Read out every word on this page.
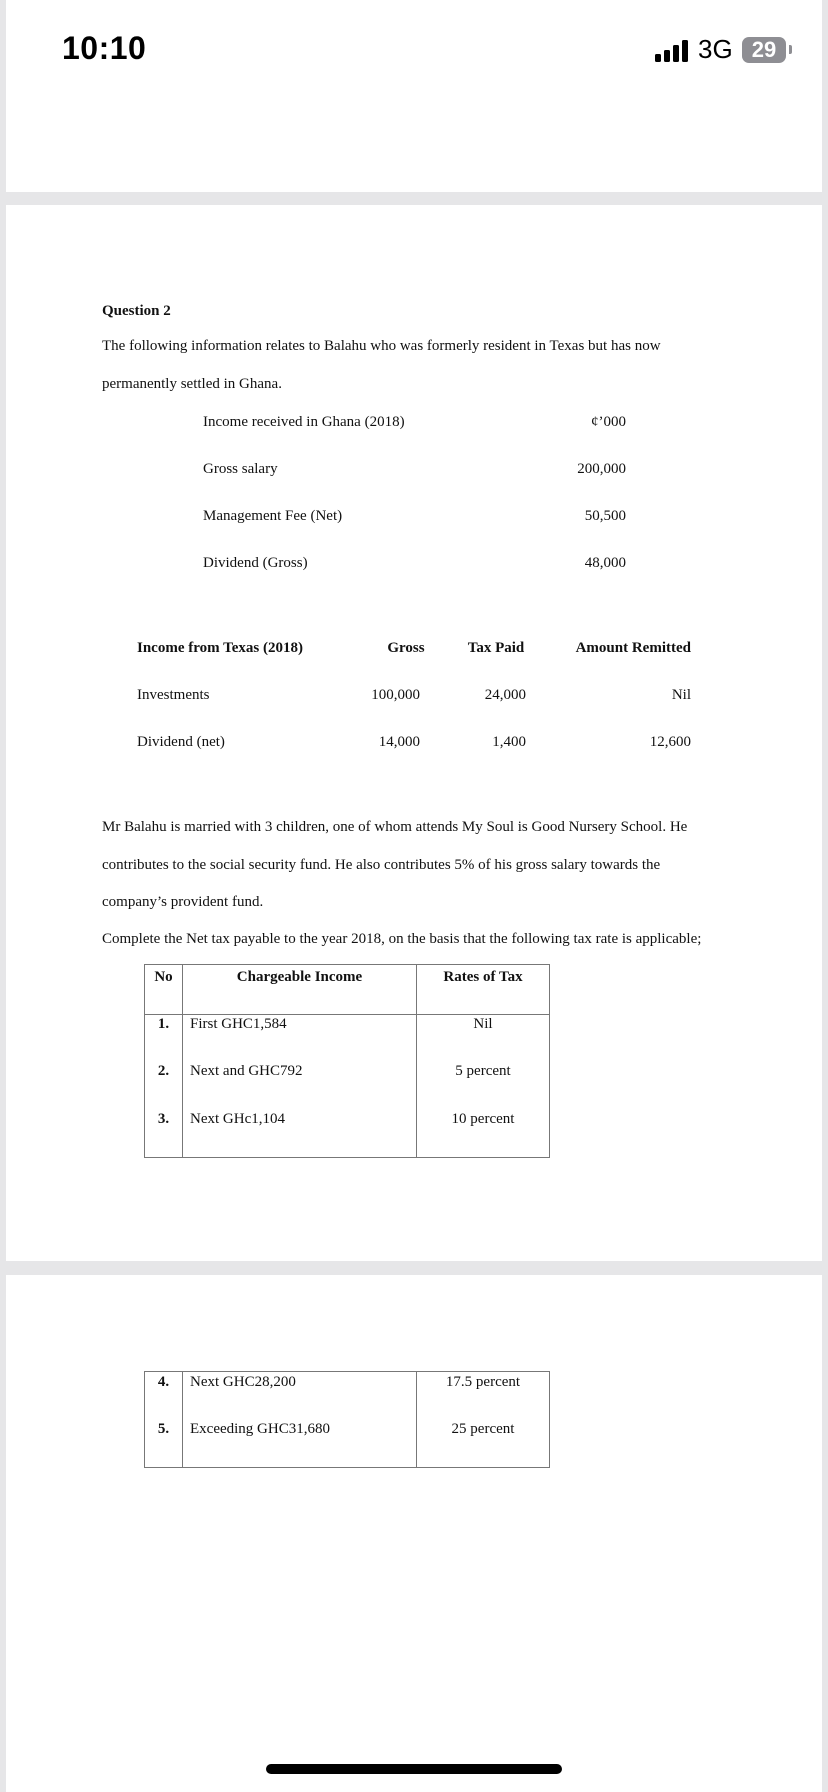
10:10	3G 29
Question 2
The following information relates to Balahu who was formerly resident in Texas but has now
permanently settled in Ghana.
Income received in Ghana (2018)	¢’000
Gross salary	200,000
Management Fee (Net)	50,500
Dividend (Gross)	48,000
Income from Texas (2018)	Gross	Tax Paid	Amount Remitted
Investments	100,000	24,000	Nil
Dividend (net)	14,000	1,400	12,600
Mr Balahu is married with 3 children, one of whom attends My Soul is Good Nursery School. He
contributes to the social security fund. He also contributes 5% of his gross salary towards the
company’s provident fund.
Complete the Net tax payable to the year 2018, on the basis that the following tax rate is applicable;
No	Chargeable Income	Rates of Tax
1.	First GHC1,584	Nil
2.	Next and GHC792	5 percent
3.	Next GHc1,104	10 percent
4.	Next GHC28,200	17.5 percent
5.	Exceeding GHC31,680	25 percent
